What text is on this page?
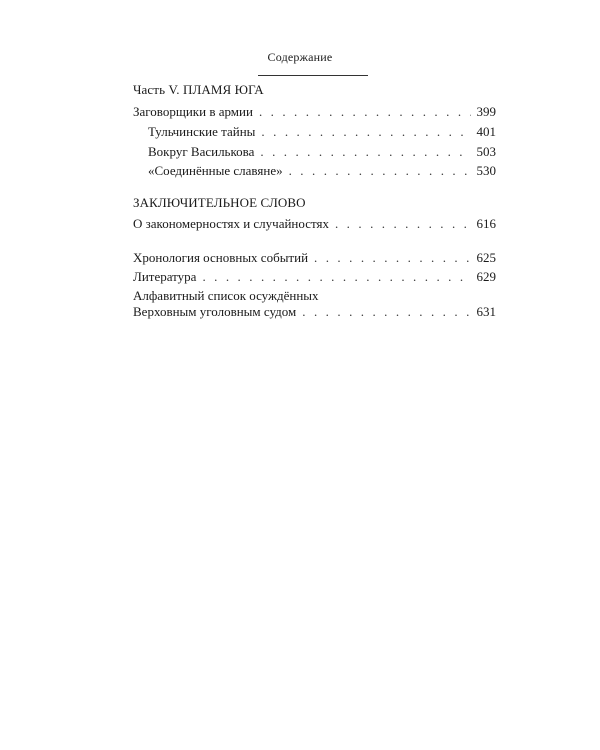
Содержание
Часть V. ПЛАМЯ ЮГА
Заговорщики в армии . . .	399
Тульчинские тайны . . .	401
Вокруг Василькова . . .	503
«Соединённые славяне» . . .	530
ЗАКЛЮЧИТЕЛЬНОЕ СЛОВО
О закономерностях и случайностях . . .	616
Хронология основных событий . . .	625
Литература . . .	629
Алфавитный список осуждённых
Верховным уголовным судом . . .	631
